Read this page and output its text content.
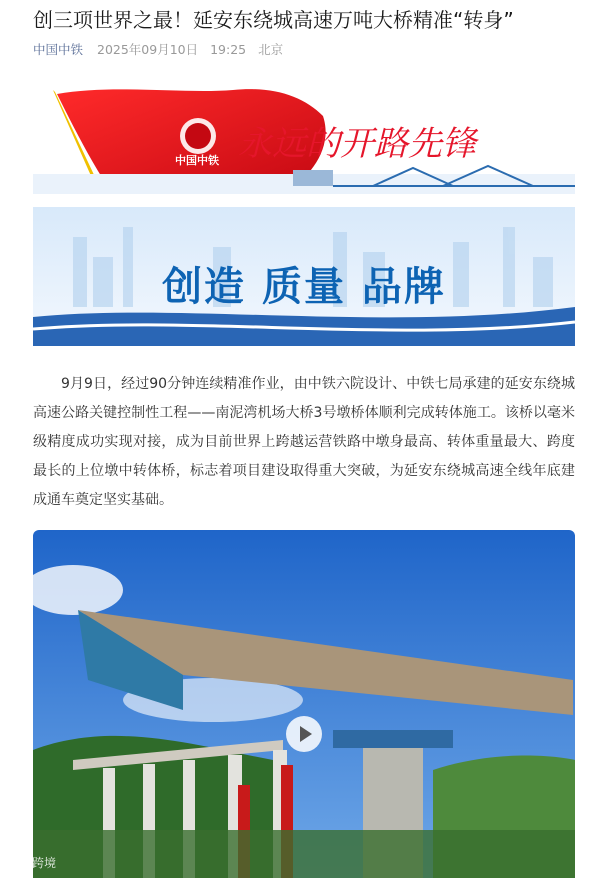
创三项世界之最！延安东绕城高速万吨大桥精准“转身”
中国中铁 2025年09月10日 19:25 北京
中国中铁 永远的开路先锋
创造 质量 品牌
9月9日，经过90分钟连续精准作业，由中铁六院设计、中铁七局承建的延安东绕城高速公路关键控制性工程——南泥湾机场大桥3号墩桥体顺利完成转体施工。该桥以毫米级精度成功实现对接，成为目前世界上跨越运营铁路中墩身最高、转体重量最大、跨度最长的上位墩中转体桥，标志着项目建设取得重大突破，为延安东绕城高速全线年底建成通车奠定坚实基础。
大数跨境
